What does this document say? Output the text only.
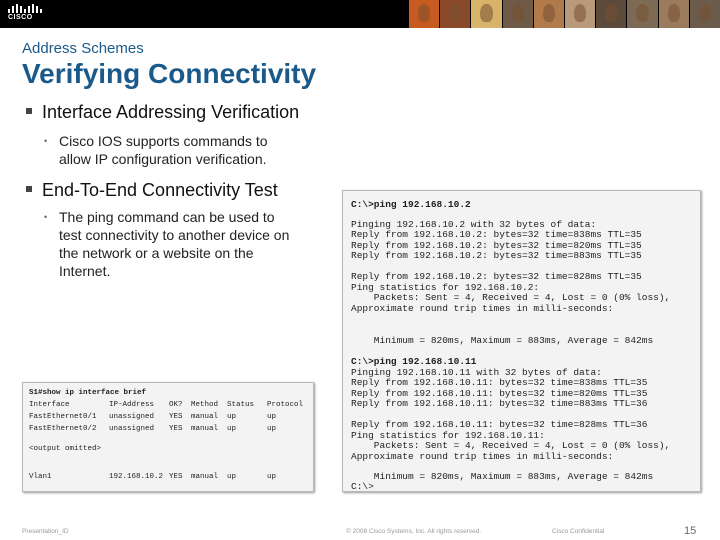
CISCO
Address Schemes
Verifying Connectivity
Interface Addressing Verification
• Cisco IOS supports commands to
allow IP configuration verification.
End-To-End Connectivity Test
• The ping command can be used to
test connectivity to another device on
the network or a website on the
Internet.
C:\>ping 192.168.10.2
Pinging 192.168.10.2 with 32 bytes of data:
Reply from 192.168.10.2: bytes=32 time=838ms TTL=35
Reply from 192.168.10.2: bytes=32 time=820ms TTL=35
Reply from 192.168.10.2: bytes=32 time=883ms TTL=35
Reply from 192.168.10.2: bytes=32 time=828ms TTL=35
Ping statistics for 192.168.10.2:
Packets: Sent = 4, Received = 4, Lost = 0 (0% loss),
Approximate round trip times in milli-seconds:
Minimum = 820ms, Maximum = 883ms, Average = 842ms
C:\>ping 192.168.10.11
Pinging 192.168.10.11 with 32 bytes of data:
Reply from 192.168.10.11: bytes=32 time=838ms TTL=35
Reply from 192.168.10.11: bytes=32 time=820ms TTL=35
Reply from 192.168.10.11: bytes=32 time=883ms TTL=36
Reply from 192.168.10.11: bytes=32 time=828ms TTL=36
Ping statistics for 192.168.10.11:
Packets: Sent = 4, Received = 4, Lost = 0 (0% loss),
Approximate round trip times in milli-seconds:
Minimum = 820ms, Maximum = 883ms, Average = 842ms
C:\>
S1#show ip interface brief
Interface	IP-Address OK? Method Status Protocol
FastEthernet0/1 unassigned YES manual up	up
FastEthernet0/2 unassigned YES manual up	up
<output omitted>
Vlan1	192.168.10.2 YES manual up	up
Presentation_ID	© 2008 Cisco Systems, Inc. All rights reserved.	Cisco Confidential	15
